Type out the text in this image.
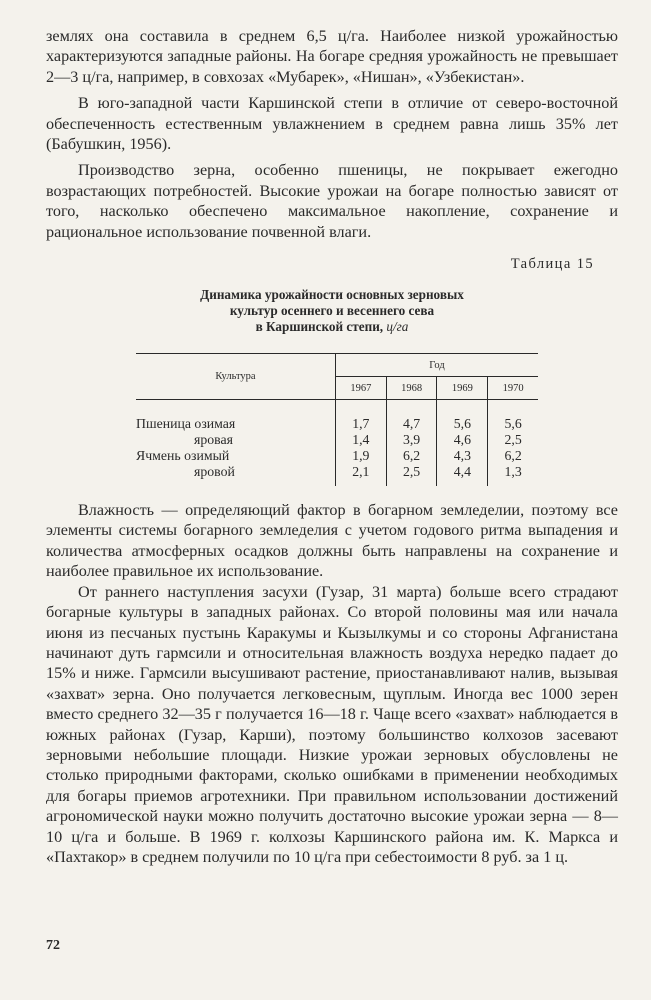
землях она составила в среднем 6,5 ц/га. Наиболее низкой урожайностью характеризуются западные районы. На богаре средняя урожайность не превышает 2—3 ц/га, например, в совхозах «Мубарек», «Нишан», «Узбекистан».

В юго-западной части Каршинской степи в отличие от северо-восточной обеспеченность естественным увлажнением в среднем равна лишь 35% лет (Бабушкин, 1956).

Производство зерна, особенно пшеницы, не покрывает ежегодно возрастающих потребностей. Высокие урожаи на богаре полностью зависят от того, насколько обеспечено максимальное накопление, сохранение и рациональное использование почвенной влаги.

Таблица 15
Динамика урожайности основных зерновых
культур осеннего и весеннего сева
в Каршинской степи, ц/га
Культура	Год			
	1967	1968	1969	1970

Пшеница озимая	1,7	4,7	5,6	5,6
яровая	1,4	3,9	4,6	2,5
Ячмень озимый	1,9	6,2	4,3	6,2
яровой	2,1	2,5	4,4	1,3

Влажность — определяющий фактор в богарном земледелии, поэтому все элементы системы богарного земледелия с учетом годового ритма выпадения и количества атмосферных осадков должны быть направлены на сохранение и наиболее правильное их использование.

От раннего наступления засухи (Гузар, 31 марта) больше всего страдают богарные культуры в западных районах. Со второй половины мая или начала июня из песчаных пустынь Каракумы и Кызылкумы и со стороны Афганистана начинают дуть гармсили и относительная влажность воздуха нередко падает до 15% и ниже. Гармсили высушивают растение, приостанавливают налив, вызывая «захват» зерна. Оно получается легковесным, щуплым. Иногда вес 1000 зерен вместо среднего 32—35 г получается 16—18 г. Чаще всего «захват» наблюдается в южных районах (Гузар, Карши), поэтому большинство колхозов засевают зерновыми небольшие площади. Низкие урожаи зерновых обусловлены не столько природными факторами, сколько ошибками в применении необходимых для богары приемов агротехники. При правильном использовании достижений агрономической науки можно получить достаточно высокие урожаи зерна — 8—10 ц/га и больше. В 1969 г. колхозы Каршинского района им. К. Маркса и «Пахтакор» в среднем получили по 10 ц/га при себестоимости 8 руб. за 1 ц.

72
